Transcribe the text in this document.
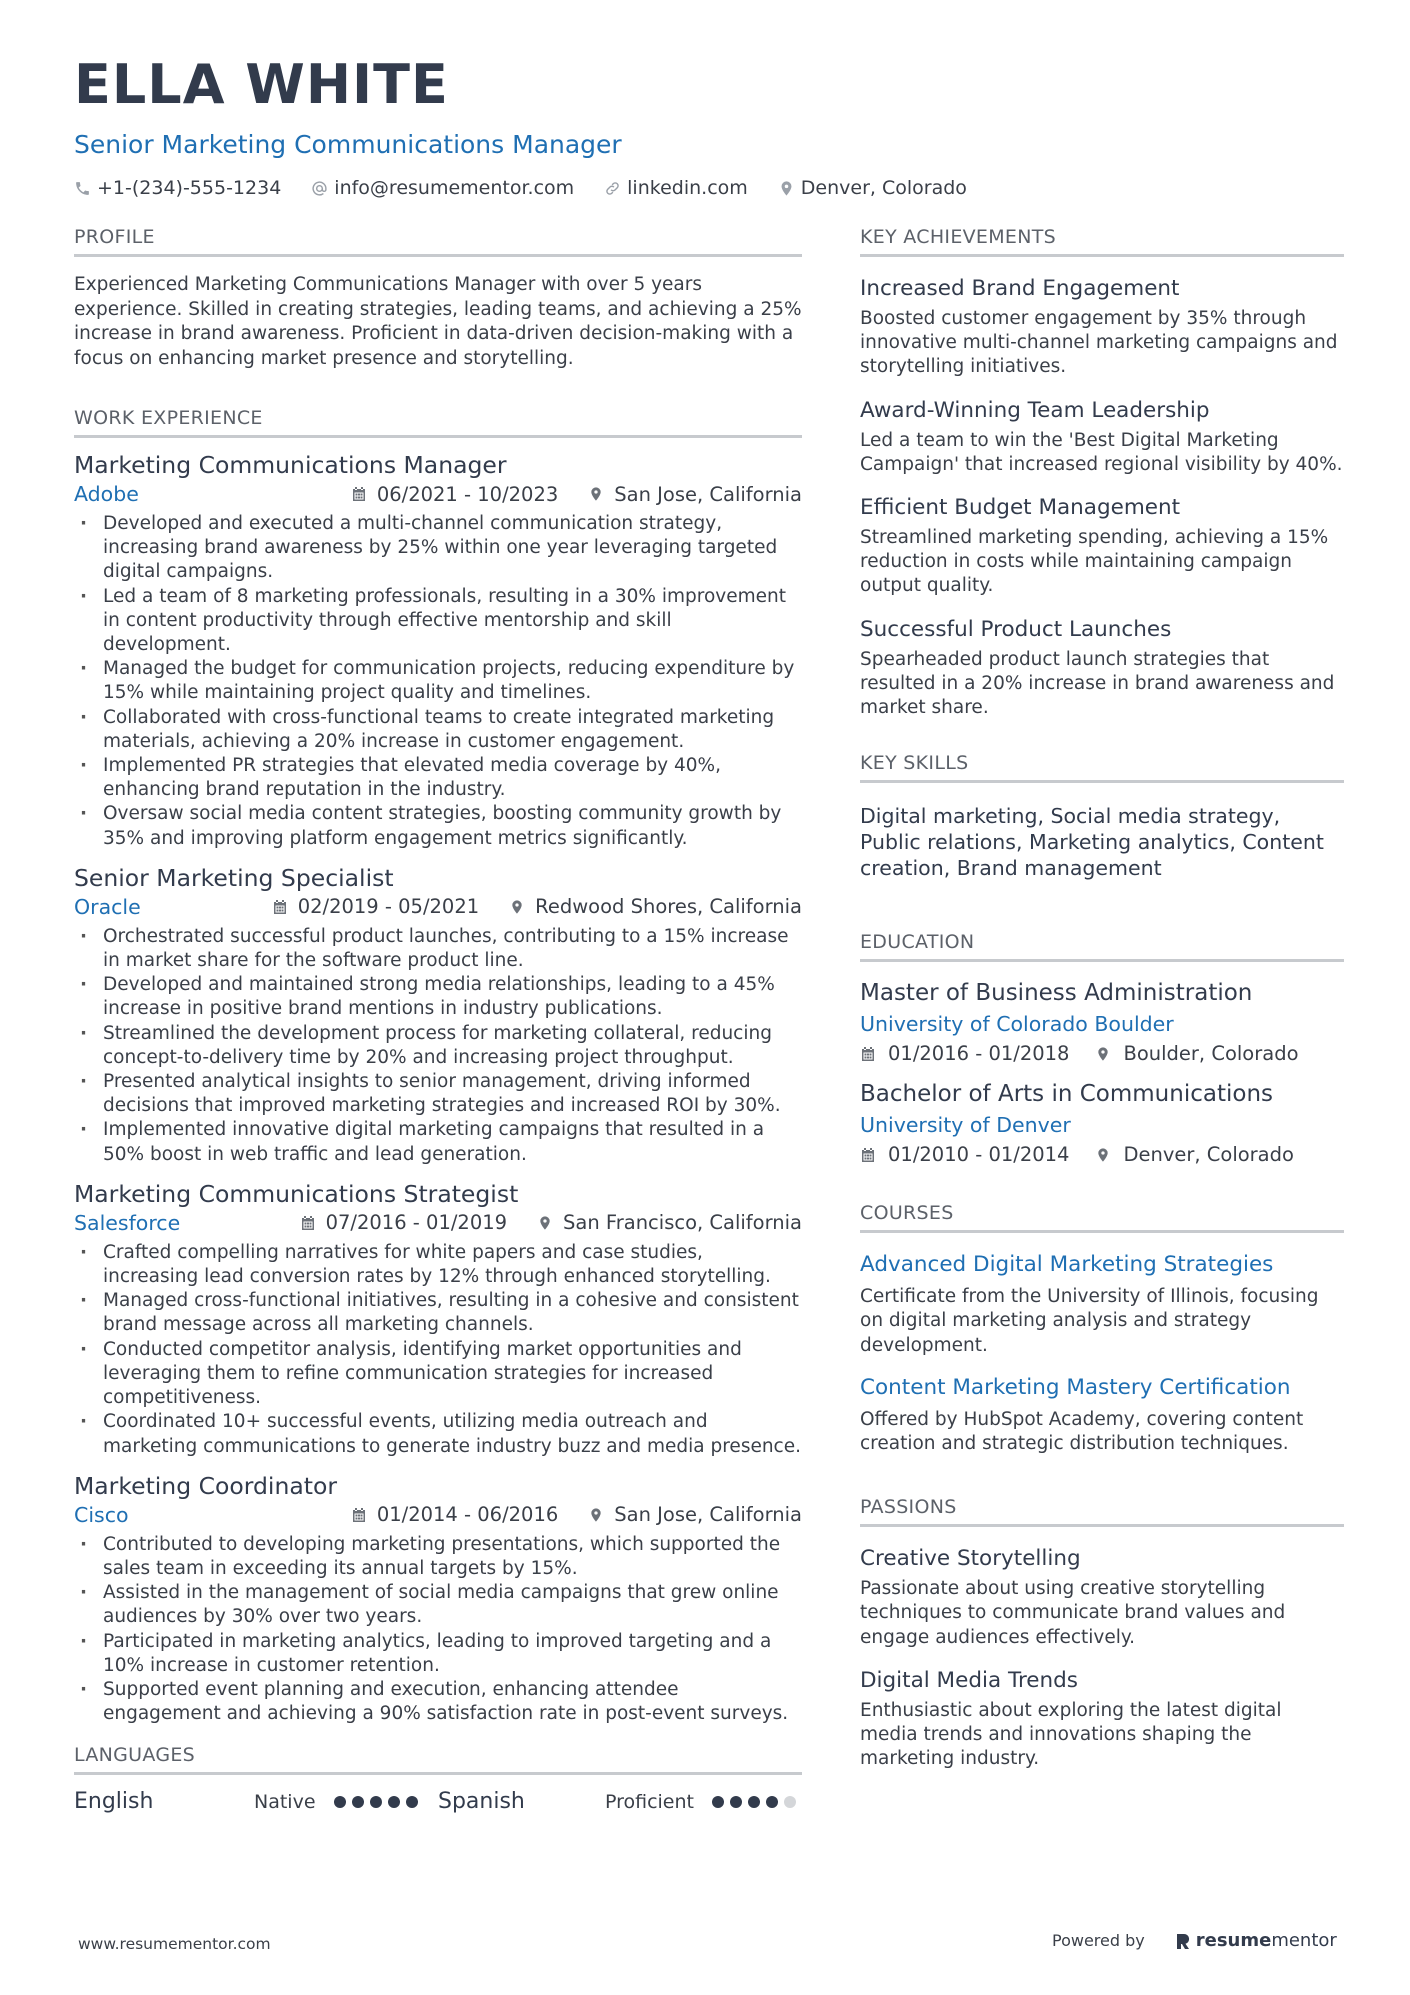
ELLA WHITE
Senior Marketing Communications Manager
+1-(234)-555-1234	info@resumementor.com	linkedin.com	Denver, Colorado
PROFILE

Experienced Marketing Communications Manager with over 5 years experience. Skilled in creating strategies, leading teams, and achieving a 25% increase in brand awareness. Proficient in data-driven decision-making with a focus on enhancing market presence and storytelling.

WORK EXPERIENCE
Marketing Communications Manager
Adobe	06/2021 - 10/2023	San Jose, California
· Developed and executed a multi-channel communication strategy, increasing brand awareness by 25% within one year leveraging targeted digital campaigns.
· Led a team of 8 marketing professionals, resulting in a 30% improvement in content productivity through effective mentorship and skill development.
· Managed the budget for communication projects, reducing expenditure by 15% while maintaining project quality and timelines.
· Collaborated with cross-functional teams to create integrated marketing materials, achieving a 20% increase in customer engagement.
· Implemented PR strategies that elevated media coverage by 40%, enhancing brand reputation in the industry.
· Oversaw social media content strategies, boosting community growth by 35% and improving platform engagement metrics significantly.
Senior Marketing Specialist
Oracle	02/2019 - 05/2021	Redwood Shores, California
· Orchestrated successful product launches, contributing to a 15% increase in market share for the software product line.
· Developed and maintained strong media relationships, leading to a 45% increase in positive brand mentions in industry publications.
· Streamlined the development process for marketing collateral, reducing concept-to-delivery time by 20% and increasing project throughput.
· Presented analytical insights to senior management, driving informed decisions that improved marketing strategies and increased ROI by 30%.
· Implemented innovative digital marketing campaigns that resulted in a 50% boost in web traffic and lead generation.
Marketing Communications Strategist
Salesforce	07/2016 - 01/2019	San Francisco, California
· Crafted compelling narratives for white papers and case studies, increasing lead conversion rates by 12% through enhanced storytelling.
· Managed cross-functional initiatives, resulting in a cohesive and consistent brand message across all marketing channels.
· Conducted competitor analysis, identifying market opportunities and leveraging them to refine communication strategies for increased competitiveness.
· Coordinated 10+ successful events, utilizing media outreach and marketing communications to generate industry buzz and media presence.
Marketing Coordinator
Cisco	01/2014 - 06/2016	San Jose, California
· Contributed to developing marketing presentations, which supported the sales team in exceeding its annual targets by 15%.
· Assisted in the management of social media campaigns that grew online audiences by 30% over two years.
· Participated in marketing analytics, leading to improved targeting and a 10% increase in customer retention.
· Supported event planning and execution, enhancing attendee engagement and achieving a 90% satisfaction rate in post-event surveys.
LANGUAGES
English	Native	Spanish	Proficient
KEY ACHIEVEMENTS
Increased Brand Engagement
Boosted customer engagement by 35% through innovative multi-channel marketing campaigns and storytelling initiatives.
Award-Winning Team Leadership
Led a team to win the 'Best Digital Marketing Campaign' that increased regional visibility by 40%.
Efficient Budget Management
Streamlined marketing spending, achieving a 15% reduction in costs while maintaining campaign output quality.
Successful Product Launches
Spearheaded product launch strategies that resulted in a 20% increase in brand awareness and market share.
KEY SKILLS

Digital marketing, Social media strategy, Public relations, Marketing analytics, Content creation, Brand management

EDUCATION
Master of Business Administration
University of Colorado Boulder
01/2016 - 01/2018	Boulder, Colorado
Bachelor of Arts in Communications
University of Denver
01/2010 - 01/2014	Denver, Colorado
COURSES
Advanced Digital Marketing Strategies
Certificate from the University of Illinois, focusing on digital marketing analysis and strategy development.
Content Marketing Mastery Certification
Offered by HubSpot Academy, covering content creation and strategic distribution techniques.
PASSIONS
Creative Storytelling
Passionate about using creative storytelling techniques to communicate brand values and engage audiences effectively.
Digital Media Trends
Enthusiastic about exploring the latest digital media trends and innovations shaping the marketing industry.
www.resumementor.com	Powered by	resume mentor
